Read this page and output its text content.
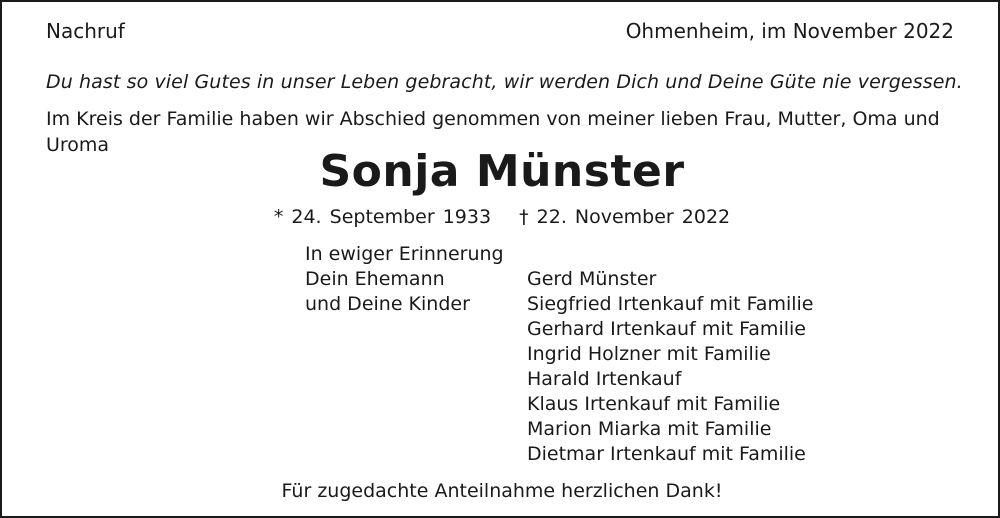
Nachruf	Ohmenheim, im November 2022
Du hast so viel Gutes in unser Leben gebracht, wir werden Dich und Deine Güte nie vergessen.
Im Kreis der Familie haben wir Abschied genommen von meiner lieben Frau, Mutter, Oma und Uroma
Sonja Münster
* 24. September 1933 † 22. November 2022
In ewiger Erinnerung
Dein Ehemann
und Deine Kinder
Gerd Münster
Siegfried Irtenkauf mit Familie
Gerhard Irtenkauf mit Familie
Ingrid Holzner mit Familie
Harald Irtenkauf
Klaus Irtenkauf mit Familie
Marion Miarka mit Familie
Dietmar Irtenkauf mit Familie
Für zugedachte Anteilnahme herzlichen Dank!
